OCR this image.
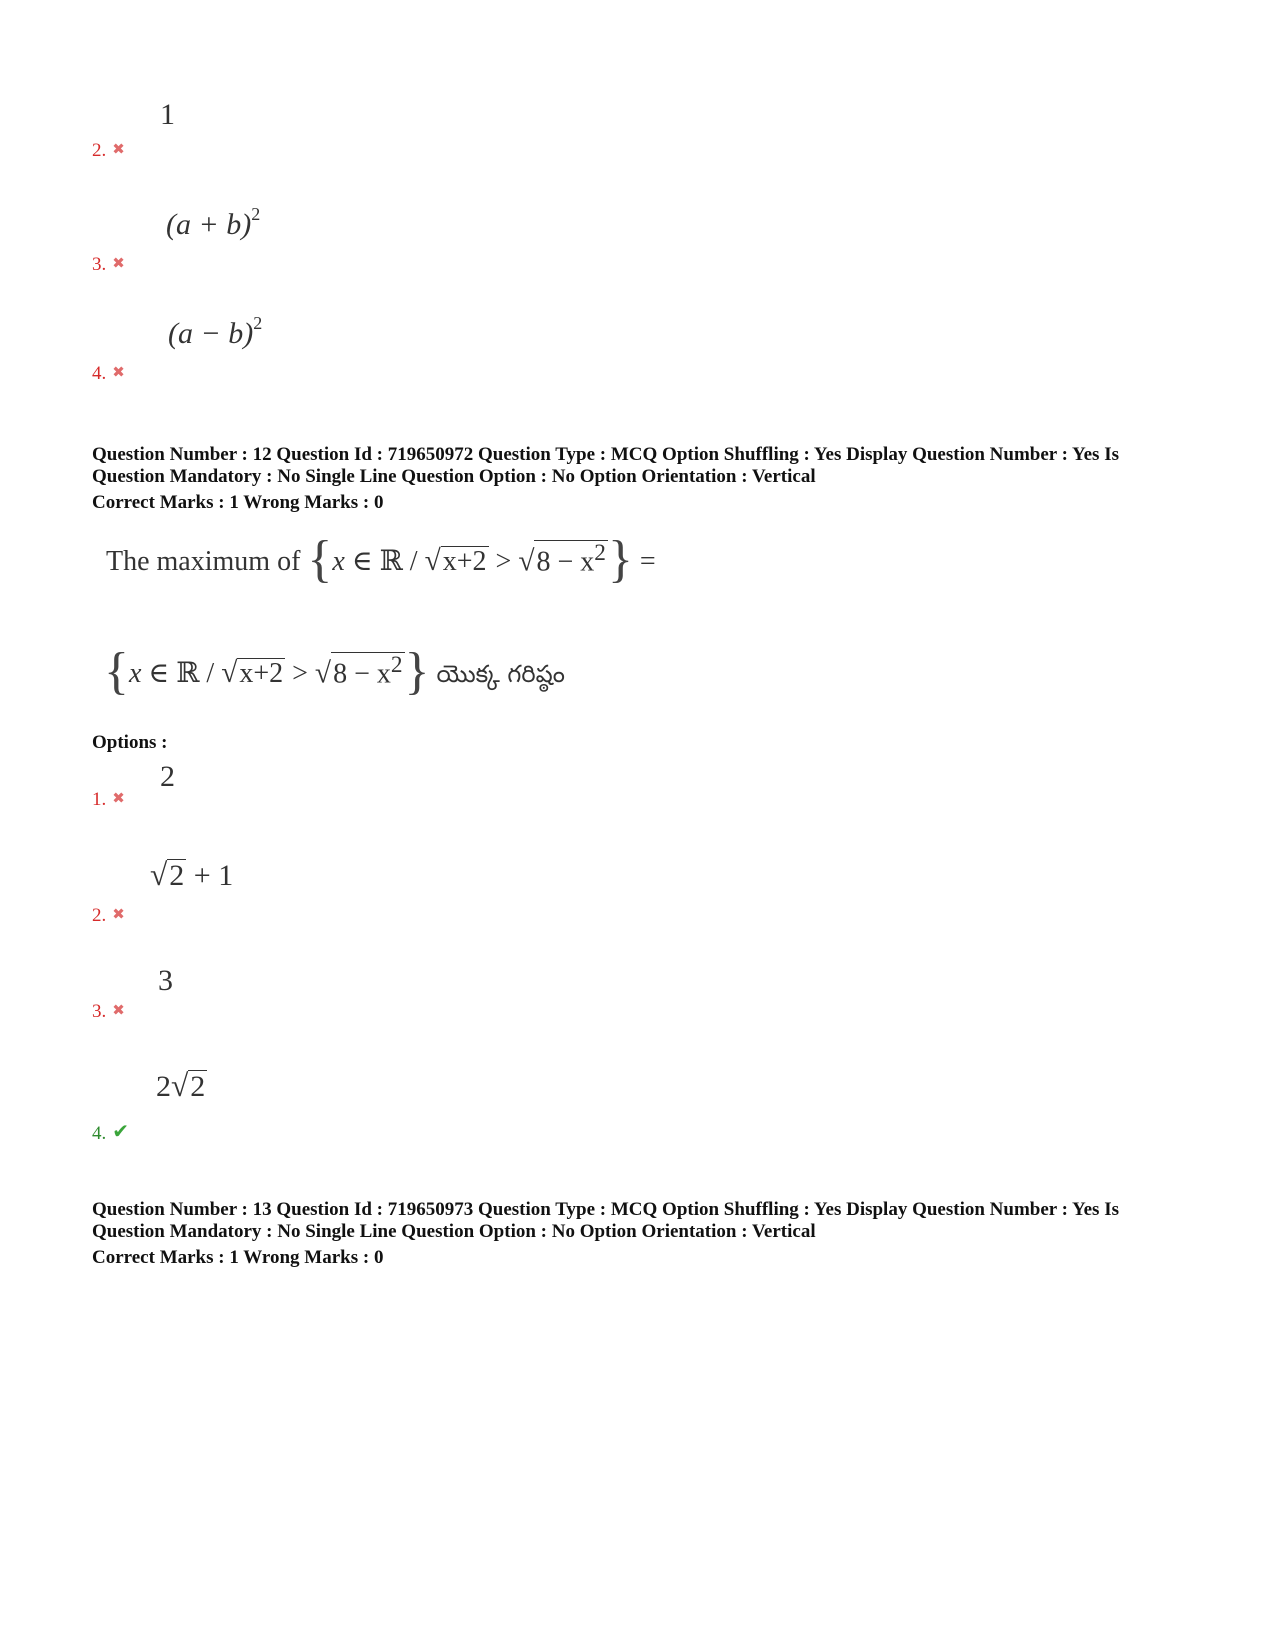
1
2. ✖
$(a + b)^2$
3. ✖
$(a - b)^2$
4. ✖
Question Number : 12 Question Id : 719650972 Question Type : MCQ Option Shuffling : Yes Display Question Number : Yes Is
Question Mandatory : No Single Line Question Option : No Option Orientation : Vertical
Correct Marks : 1 Wrong Marks : 0
The maximum of {x ∈ ℝ / $√x+2 > √8 - x^2$} =
{x ∈ ℝ / $√x+2 > √8 - x^2$} యొక్క గరిష్ఠం
Options :
2
1. ✖
√2 + 1
2. ✖
3
3. ✖
2√2
4. ✔
Question Number : 13 Question Id : 719650973 Question Type : MCQ Option Shuffling : Yes Display Question Number : Yes Is
Question Mandatory : No Single Line Question Option : No Option Orientation : Vertical
Correct Marks : 1 Wrong Marks : 0
